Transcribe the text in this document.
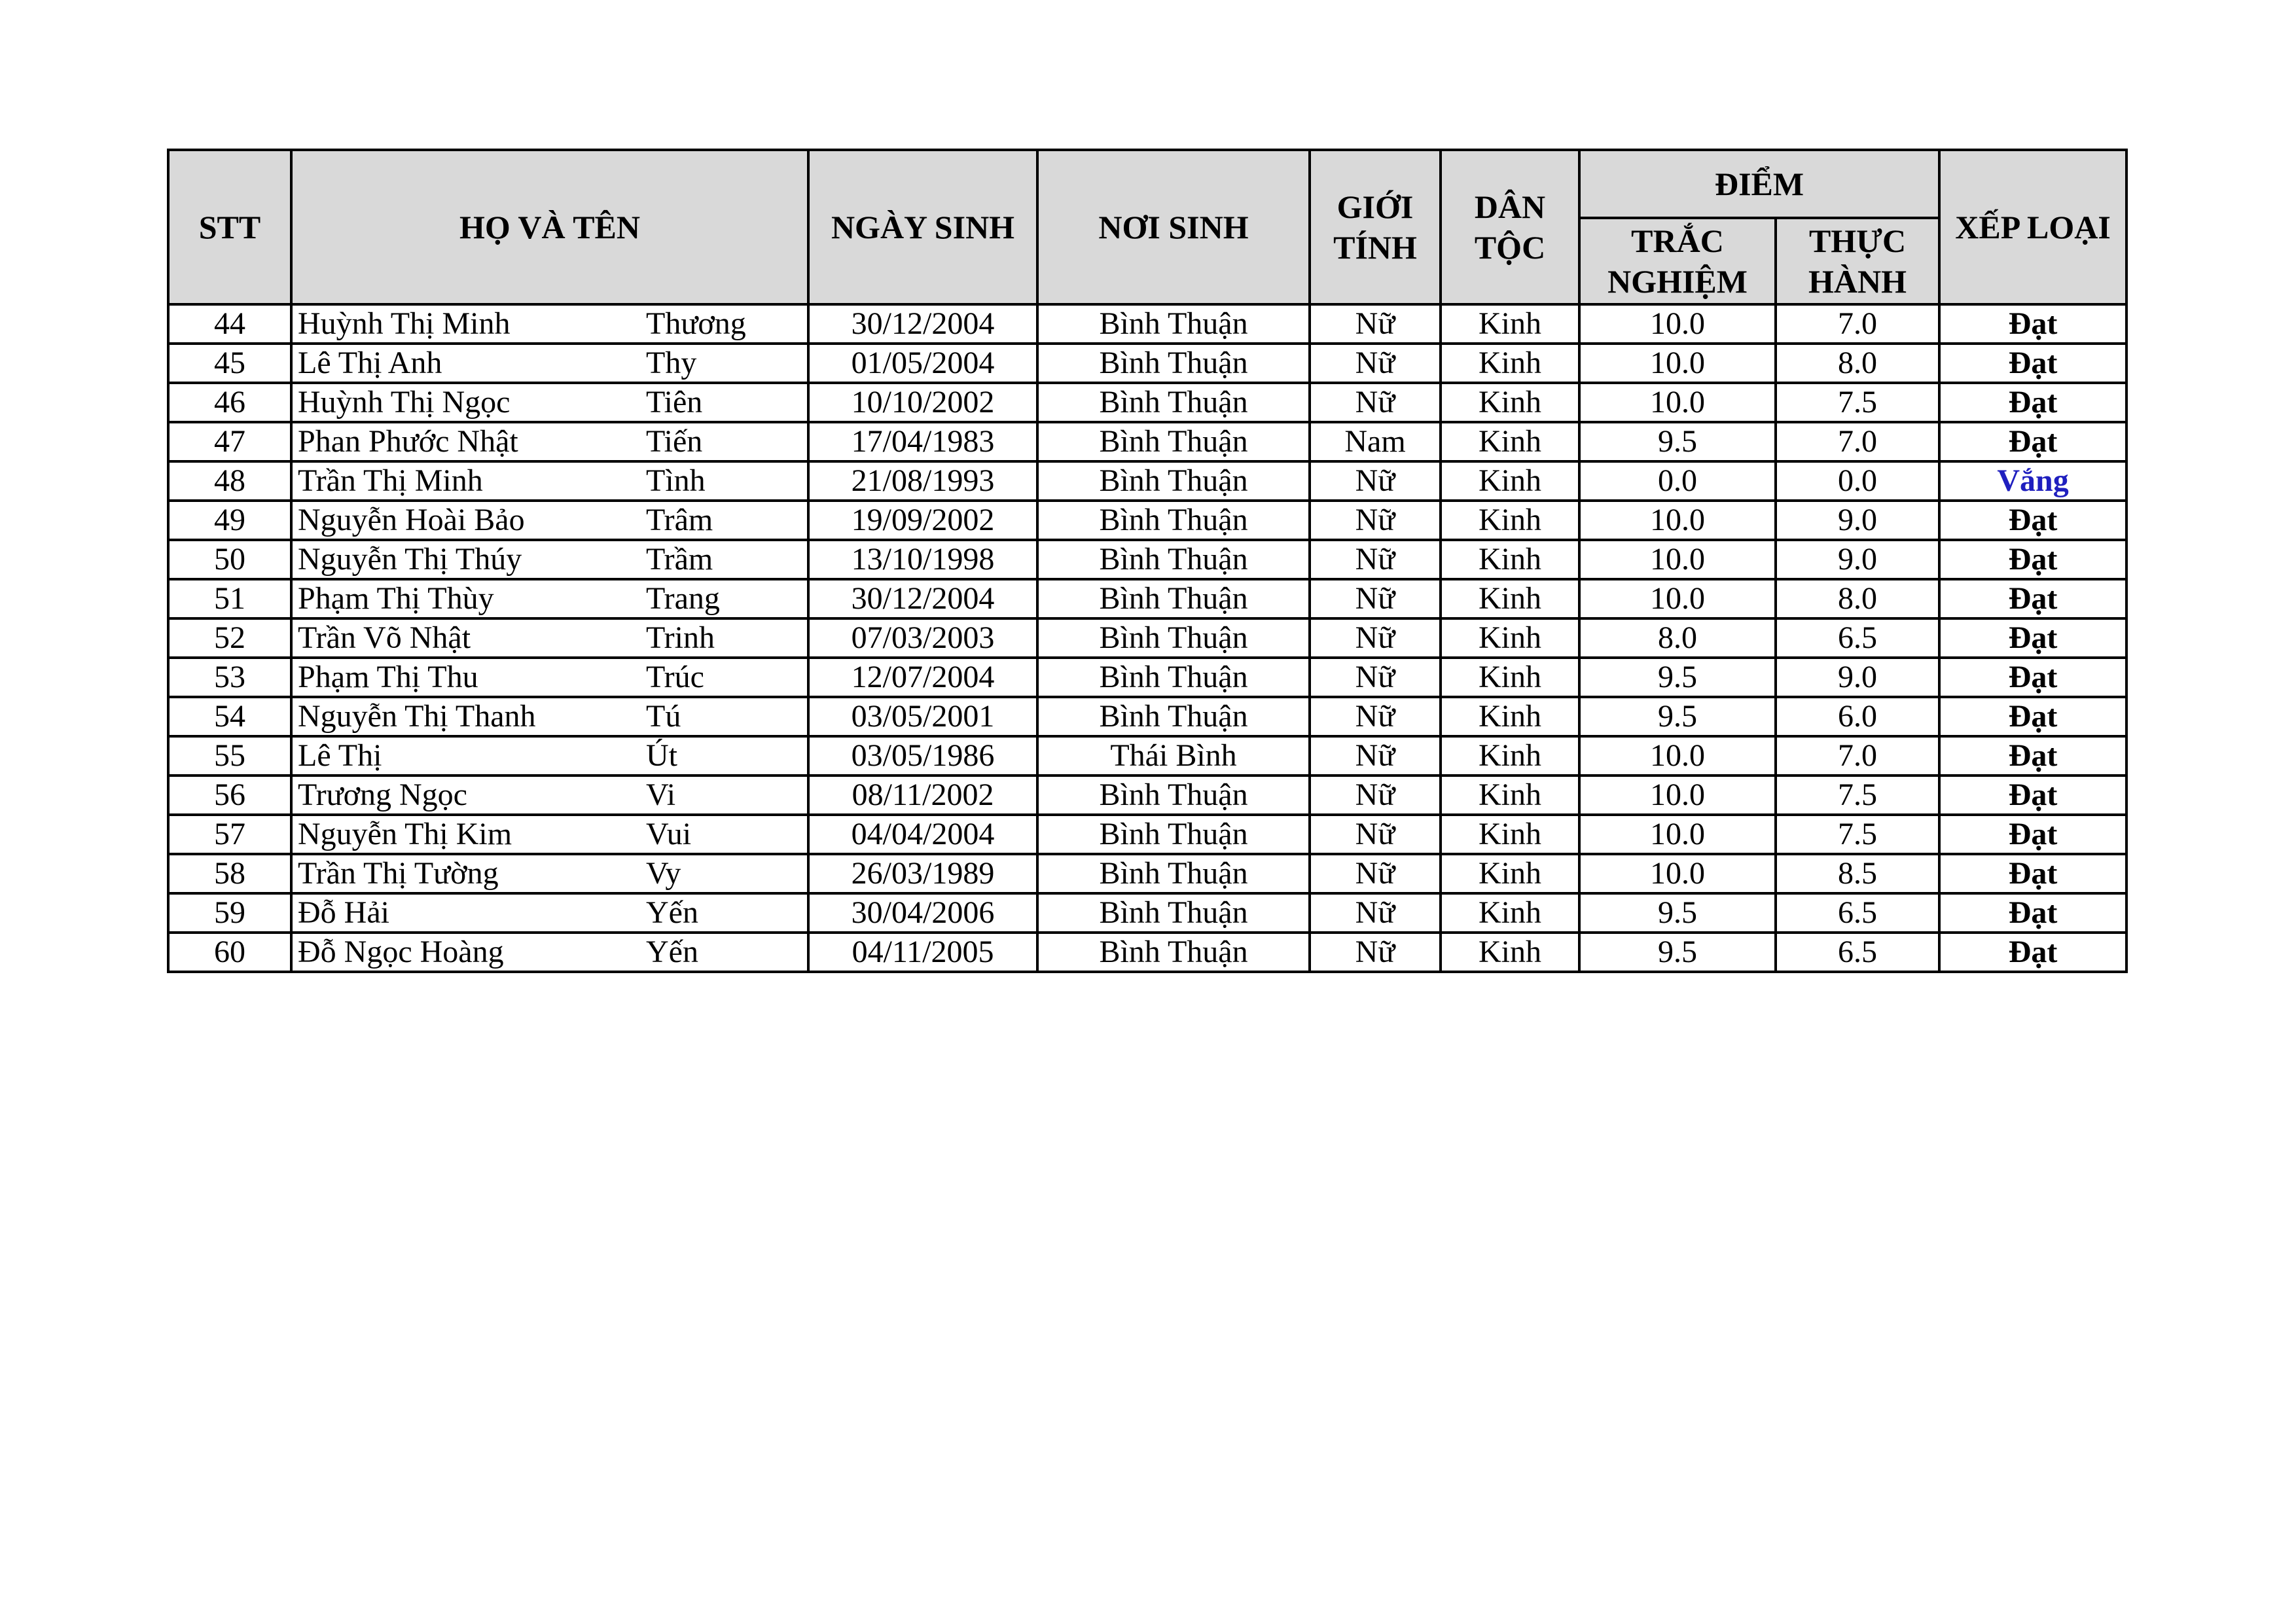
STT	HỌ VÀ TÊN		NGÀY SINH	NƠI SINH	GIỚI TÍNH	DÂN TỘC	ĐIỂM		XẾP LOẠI
							TRẮC NGHIỆM	THỰC HÀNH	
44	Huỳnh Thị Minh	Thương	30/12/2004	Bình Thuận	Nữ	Kinh	10.0	7.0	Đạt
45	Lê Thị Anh	Thy	01/05/2004	Bình Thuận	Nữ	Kinh	10.0	8.0	Đạt
46	Huỳnh Thị Ngọc	Tiên	10/10/2002	Bình Thuận	Nữ	Kinh	10.0	7.5	Đạt
47	Phan Phước Nhật	Tiến	17/04/1983	Bình Thuận	Nam	Kinh	9.5	7.0	Đạt
48	Trần Thị Minh	Tình	21/08/1993	Bình Thuận	Nữ	Kinh	0.0	0.0	Vắng
49	Nguyễn Hoài Bảo	Trâm	19/09/2002	Bình Thuận	Nữ	Kinh	10.0	9.0	Đạt
50	Nguyễn Thị Thúy	Trầm	13/10/1998	Bình Thuận	Nữ	Kinh	10.0	9.0	Đạt
51	Phạm Thị Thùy	Trang	30/12/2004	Bình Thuận	Nữ	Kinh	10.0	8.0	Đạt
52	Trần Võ Nhật	Trinh	07/03/2003	Bình Thuận	Nữ	Kinh	8.0	6.5	Đạt
53	Phạm Thị Thu	Trúc	12/07/2004	Bình Thuận	Nữ	Kinh	9.5	9.0	Đạt
54	Nguyễn Thị Thanh	Tú	03/05/2001	Bình Thuận	Nữ	Kinh	9.5	6.0	Đạt
55	Lê Thị	Út	03/05/1986	Thái Bình	Nữ	Kinh	10.0	7.0	Đạt
56	Trương Ngọc	Vi	08/11/2002	Bình Thuận	Nữ	Kinh	10.0	7.5	Đạt
57	Nguyễn Thị Kim	Vui	04/04/2004	Bình Thuận	Nữ	Kinh	10.0	7.5	Đạt
58	Trần Thị Tường	Vy	26/03/1989	Bình Thuận	Nữ	Kinh	10.0	8.5	Đạt
59	Đỗ Hải	Yến	30/04/2006	Bình Thuận	Nữ	Kinh	9.5	6.5	Đạt
60	Đỗ Ngọc Hoàng	Yến	04/11/2005	Bình Thuận	Nữ	Kinh	9.5	6.5	Đạt
